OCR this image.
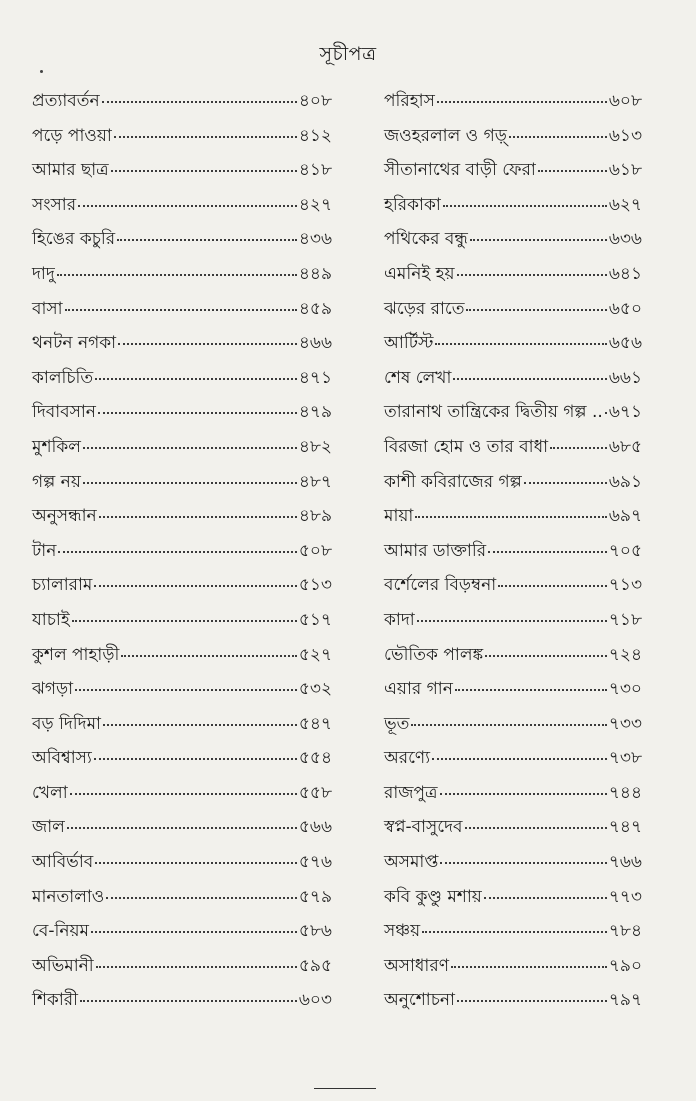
সূচীপত্র
প্রত্যাবর্তন	৪০৮
পড়ে পাওয়া	৪১২
আমার ছাত্র	৪১৮
সংসার	৪২৭
হিঙের কচুরি	৪৩৬
দাদু	৪৪৯
বাসা	৪৫৯
থনটন নগকা	৪৬৬
কালচিতি	৪৭১
দিবাবসান	৪৭৯
মুশকিল	৪৮২
গল্প নয়	৪৮৭
অনুসন্ধান	৪৮৯
টান	৫০৮
চ্যালারাম	৫১৩
যাচাই	৫১৭
কুশল পাহাড়ী	৫২৭
ঝগড়া	৫৩২
বড় দিদিমা	৫৪৭
অবিশ্বাস্য	৫৫৪
খেলা	৫৫৮
জাল	৫৬৬
আবির্ভাব	৫৭৬
মানতালাও	৫৭৯
বে-নিয়ম	৫৮৬
অভিমানী	৫৯৫
শিকারী	৬০৩
পরিহাস	৬০৮
জওহরলাল ও গড়্	৬১৩
সীতানাথের বাড়ী ফেরা	৬১৮
হরিকাকা	৬২৭
পথিকের বন্ধু	৬৩৬
এমনিই হয়	৬৪১
ঝড়ের রাতে	৬৫০
আর্টিস্ট	৬৫৬
শেষ লেখা	৬৬১
তারানাথ তান্ত্রিকের দ্বিতীয় গল্প .. ৬৭১
বিরজা হোম ও তার বাধা	৬৮৫
কাশী কবিরাজের গল্প	৬৯১
মায়া	৬৯৭
আমার ডাক্তারি	৭০৫
বর্শেলের বিড়ম্বনা	৭১৩
কাদা	৭১৮
ভৌতিক পালঙ্ক	৭২৪
এয়ার গান	৭৩০
ভূত	৭৩৩
অরণ্যে	৭৩৮
রাজপুত্র	৭৪৪
স্বপ্ন-বাসুদেব	৭৪৭
অসমাপ্ত	৭৬৬
কবি কুণ্ডু মশায়	৭৭৩
সঞ্চয়	৭৮৪
অসাধারণ	৭৯০
অনুশোচনা	৭৯৭
